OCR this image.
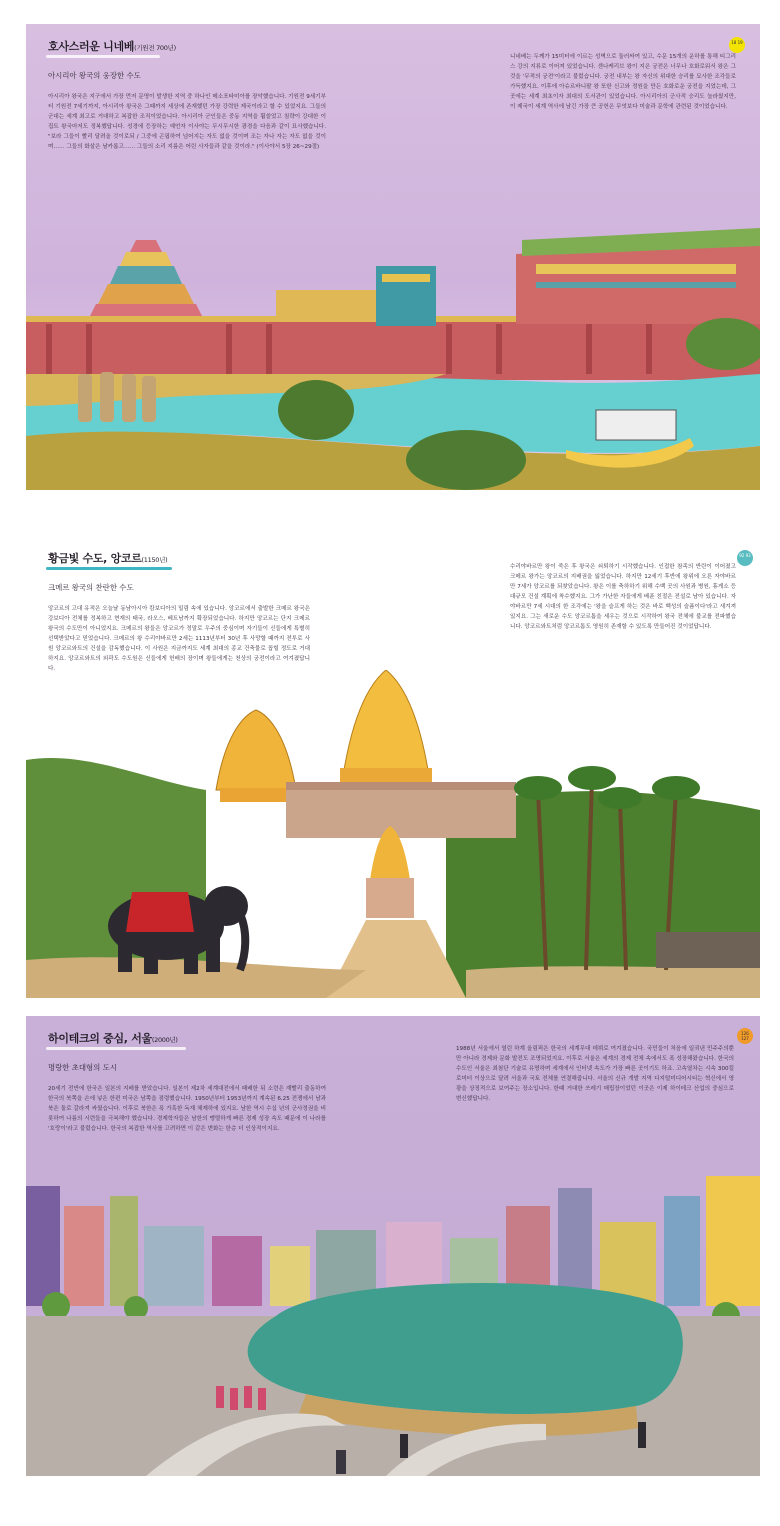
호사스러운 니네베(기원전 700년)
아시리아 왕국의 웅장한 수도
아시리아 왕국은 지구에서 가장 먼저 문명이 발생한 지역 중 하나인 메소포타미아를 장악했습니다. 기원전 9세기부터 기원전 7세기까지, 아시리아 왕국은 그때까지 세상에 존재했던 가장 강력한 제국이라고 할 수 있었지요. 그들의 군대는 세계 최고로 거대하고 복잡한 조직이었습니다. 아시리아 군인들은 중동 지역을 휩쓸었고 침략이 강대한 이집트 왕국마저도 정복했답니다. 성경에 등장하는 예언자 이사야는 무시무시한 광경을 다음과 같이 묘사했습니다. "보라 그들이 빨리 달려올 것이로되 / 그중에 곤핍하여 넘어지는 자도 없을 것이며 조는 자나 자는 자도 없을 것이며…… 그들의 화살은 날카롭고…… 그들의 소리 지름은 어린 사자들과 같을 것이라." (이사야서 5장 26~29절)
니네베는 두께가 15미터에 이르는 성벽으로 둘러싸여 있고, 수문 15개의 운하를 통해 티그리스 강의 지류로 이어져 있었습니다. 센나케리브 왕이 지은 궁전은 너무나 호화로워서 왕은 그것을 '무적의 궁전'이라고 불렀습니다. 궁전 내부는 왕 자신의 위대한 승리를 묘사한 조각들로 가득했지요. 이후에 아슈르바니팔 왕 또한 신고와 정원을 만든 호화로운 궁전을 지었는데, 그곳에는 세계 최초이자 최대의 도서관이 있었습니다. 아시리아의 군사적 승리도 놀라웠지만, 이 제국이 세계 역사에 남긴 가장 큰 공헌은 무엇보다 미술과 문학에 관련된 것이었습니다.
18 19
황금빛 수도, 앙코르(1150년)
크메르 왕국의 찬란한 수도
앙코르의 고대 유적은 오늘날 동남아시아 캄보디아의 밀림 속에 있습니다. 앙코르에서 출발한 크메르 왕국은 강보디아 전체를 정복하고 현재의 태국, 라오스, 베트남까지 확장되었습니다. 하지만 앙코르는 단지 크메르 왕국의 수도만이 아니었지요. 크메르의 왕들은 앙코르가 정말로 우주의 중심이며 자기들이 신들에게 특별히 선택받았다고 믿었습니다. 크메르의 왕 수리야바르만 2세는 1113년부터 30년 후 사망할 때까지 전투로 사원 앙코르와트의 건설을 감독했습니다. 이 사원은 지금까지도 세계 최대의 종교 건축물로 꼽힐 정도로 거대하지요. 앙코르와트의 외곽도 수도원은 신들에게 헌배의 장이며 왕들에게는 천상의 궁전이라고 여겨졌답니다.
수리야바르만 왕이 죽은 후 왕국은 쇠퇴하기 시작했습니다. 인접한 참족의 반란이 이어졌고 크메르 왕가는 앙코르의 지배권을 잃었습니다. 하지만 12세기 후반에 왕위에 오른 자야바르만 7세가 앙코르를 되찾았습니다. 왕은 이를 축하하기 위해 수백 곳의 사원과 병원, 휴게소 등 대규모 건설 계획에 착수했지요. 그가 가난한 자들에게 베푼 친절은 전설로 남아 있습니다. 자야바르만 7세 시대의 한 조각에는 '왕을 슬프게 하는 것은 바로 백성의 슬픔이다'라고 새겨져 있지요. 그는 새로운 수도 앙코르톰을 세우는 것으로 시작하여 왕국 전체에 불교를 전파했습니다. 앙코르와트처럼 앙코르톰도 영원히 존재할 수 있도록 만들어진 것이었답니다.
92 93
하이테크의 중심, 서울(2000년)
명랑한 초대형의 도시
20세기 전반에 한국은 일본의 지배를 받았습니다. 일본이 제2차 세계대전에서 패배한 뒤 소련은 재빨리 출동하여 한국의 북쪽을 손에 넣은 한편 미국은 남쪽을 점령했습니다. 1950년부터 1953년까지 계속된 6.25 전쟁에서 남과 북은 둘로 갈라져 싸웠습니다. 이후로 북한은 폭 가혹한 독재 체제하에 있지요. 남한 역시 수십 년의 군사정권을 비롯하여 나름의 시련들을 극복해야 했습니다. 경제학자들은 남한의 맹렬하게 빠른 경제 성장 속도 때문에 이 나라를 '호랑이'라고 불렀습니다. 한국의 복잡한 역사를 고려하면 이 같은 변화는 한층 더 인상적이지요.
1988년 서울에서 열린 하계 올림픽은 한국의 세계무대 데뷔로 여겨졌습니다. 국민들이 처음에 일궈낸 민주주의뿐만 아니라 경제와 문화 발전도 조명되었지요. 이후로 서울은 세계의 경제 전체 속에서도 폭 성장해왔습니다. 한국의 수도인 서울은 최첨단 기술로 유명하며 세계에서 인터넷 속도가 가장 빠른 곳이기도 하죠. 고속열차는 시속 300킬로미터 이상으로 달려 서울과 국토 전체를 연결해줍니다. 서울의 신규 개발 지역 디지털미디어시티는 혁신에서 영광을 상징적으로 보여주는 장소입니다. 한때 거대한 쓰레기 매립장이었던 이곳은 이제 하이테크 산업의 중심으로 변신했답니다.
126 127
